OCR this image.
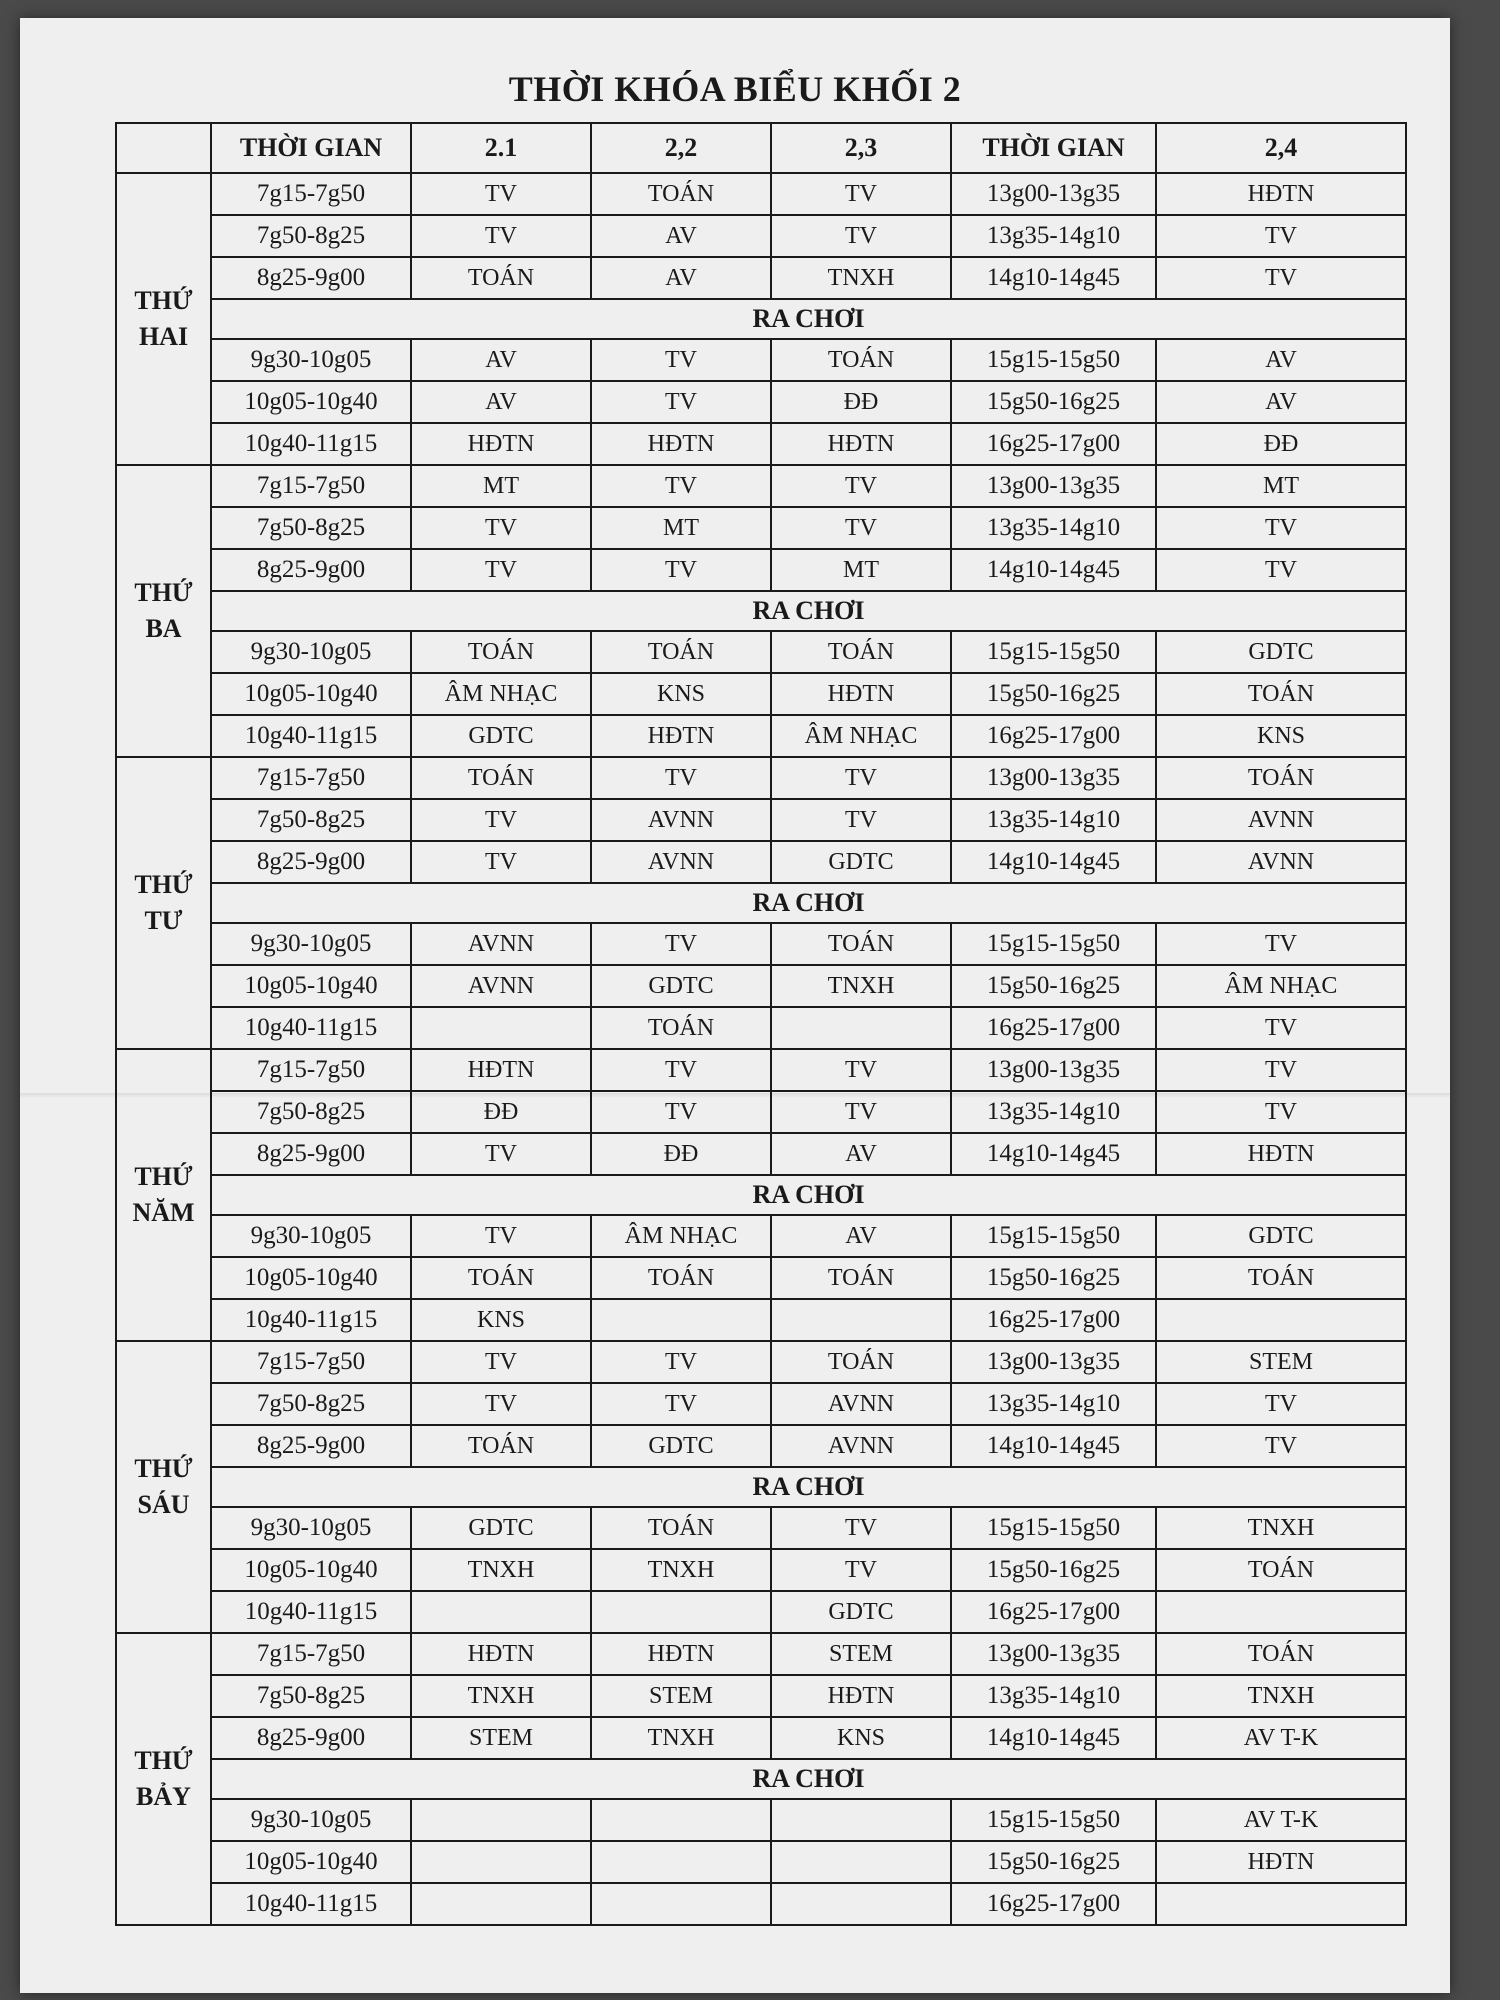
THỜI KHÓA BIỂU KHỐI 2
	THỜI GIAN	2.1	2,2	2,3	THỜI GIAN	2,4

THỨ
HAI	7g15-7g50	TV	TOÁN	TV	13g00-13g35	HĐTN
	7g50-8g25	TV	AV	TV	13g35-14g10	TV
	8g25-9g00	TOÁN	AV	TNXH	14g10-14g45	TV
	RA CHƠI					
	9g30-10g05	AV	TV	TOÁN	15g15-15g50	AV
	10g05-10g40	AV	TV	ĐĐ	15g50-16g25	AV
	10g40-11g15	HĐTN	HĐTN	HĐTN	16g25-17g00	ĐĐ

THỨ
BA	7g15-7g50	MT	TV	TV	13g00-13g35	MT
	7g50-8g25	TV	MT	TV	13g35-14g10	TV
	8g25-9g00	TV	TV	MT	14g10-14g45	TV
	RA CHƠI					
	9g30-10g05	TOÁN	TOÁN	TOÁN	15g15-15g50	GDTC
	10g05-10g40	ÂM NHẠC	KNS	HĐTN	15g50-16g25	TOÁN
	10g40-11g15	GDTC	HĐTN	ÂM NHẠC	16g25-17g00	KNS

THỨ
TƯ	7g15-7g50	TOÁN	TV	TV	13g00-13g35	TOÁN
	7g50-8g25	TV	AVNN	TV	13g35-14g10	AVNN
	8g25-9g00	TV	AVNN	GDTC	14g10-14g45	AVNN
	RA CHƠI					
	9g30-10g05	AVNN	TV	TOÁN	15g15-15g50	TV
	10g05-10g40	AVNN	GDTC	TNXH	15g50-16g25	ÂM NHẠC
	10g40-11g15		TOÁN		16g25-17g00	TV

THỨ
NĂM	7g15-7g50	HĐTN	TV	TV	13g00-13g35	TV
	7g50-8g25	ĐĐ	TV	TV	13g35-14g10	TV
	8g25-9g00	TV	ĐĐ	AV	14g10-14g45	HĐTN
	RA CHƠI					
	9g30-10g05	TV	ÂM NHẠC	AV	15g15-15g50	GDTC
	10g05-10g40	TOÁN	TOÁN	TOÁN	15g50-16g25	TOÁN
	10g40-11g15	KNS			16g25-17g00	

THỨ
SÁU	7g15-7g50	TV	TV	TOÁN	13g00-13g35	STEM
	7g50-8g25	TV	TV	AVNN	13g35-14g10	TV
	8g25-9g00	TOÁN	GDTC	AVNN	14g10-14g45	TV
	RA CHƠI					
	9g30-10g05	GDTC	TOÁN	TV	15g15-15g50	TNXH
	10g05-10g40	TNXH	TNXH	TV	15g50-16g25	TOÁN
	10g40-11g15			GDTC	16g25-17g00	

THỨ
BẢY	7g15-7g50	HĐTN	HĐTN	STEM	13g00-13g35	TOÁN
	7g50-8g25	TNXH	STEM	HĐTN	13g35-14g10	TNXH
	8g25-9g00	STEM	TNXH	KNS	14g10-14g45	AV T-K
	RA CHƠI					
	9g30-10g05				15g15-15g50	AV T-K
	10g05-10g40				15g50-16g25	HĐTN
	10g40-11g15				16g25-17g00	
